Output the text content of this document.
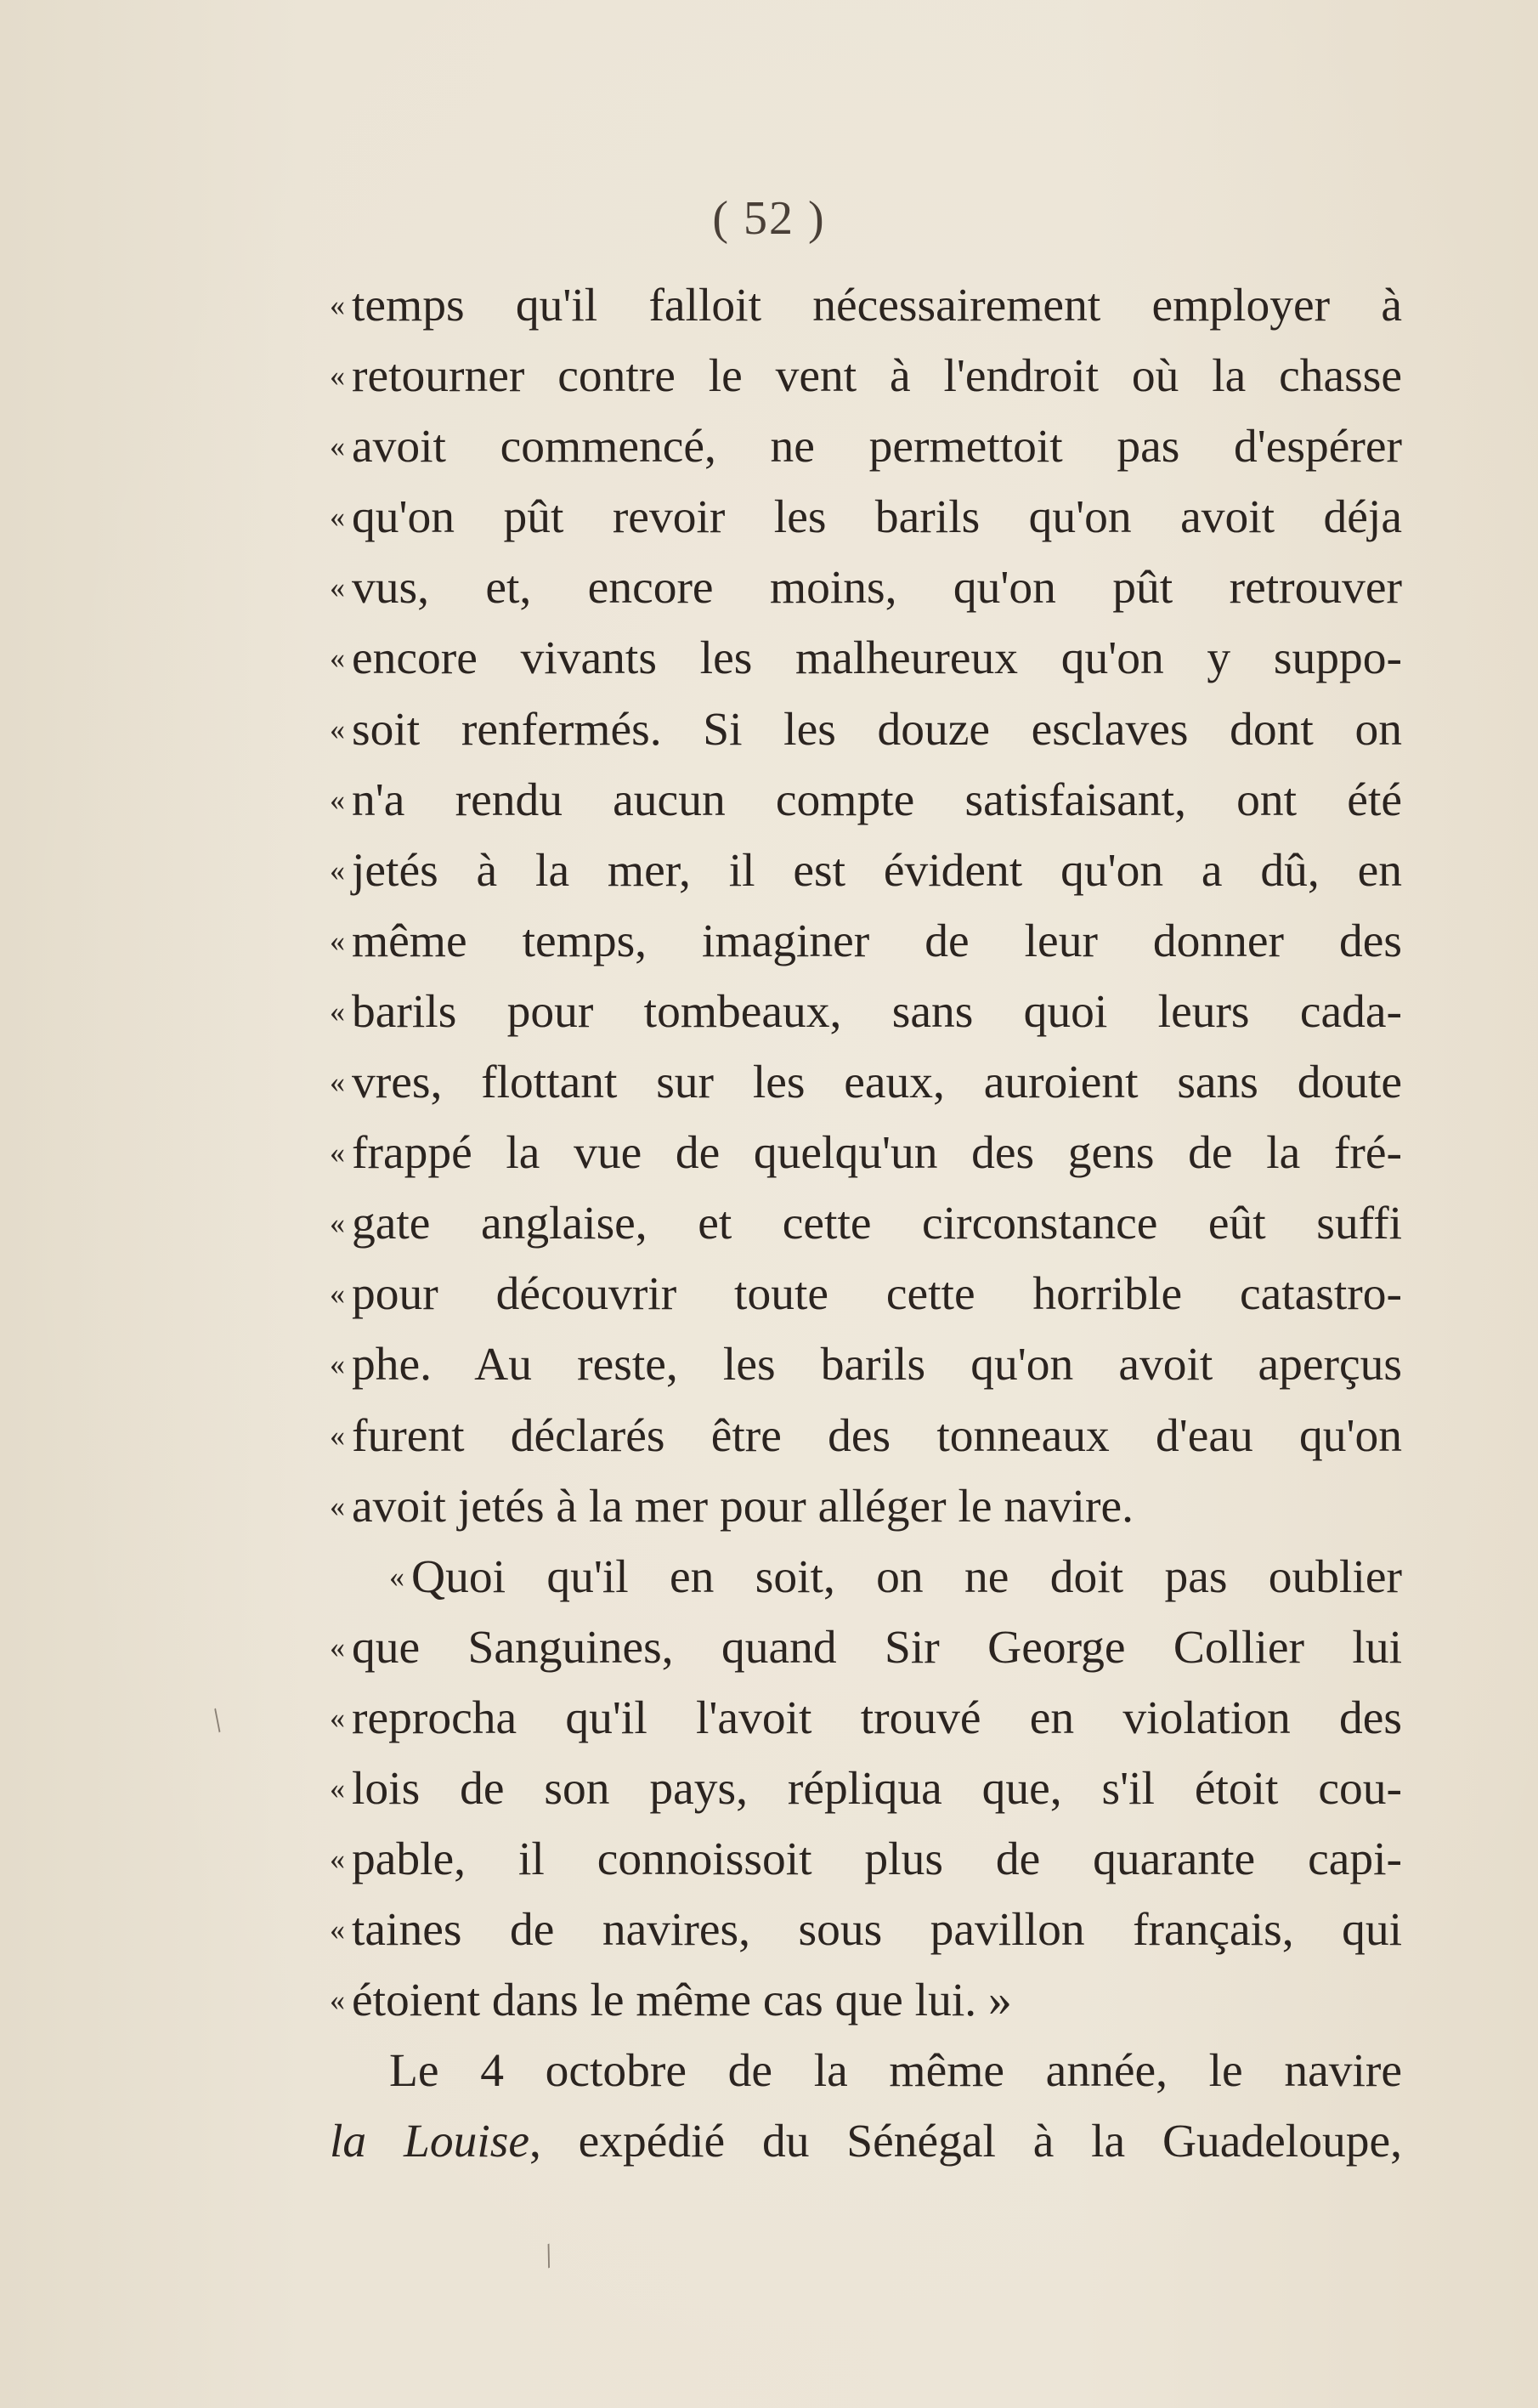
( 52 )
« temps qu'il falloit nécessairement employer à
« retourner contre le vent à l'endroit où la chasse
« avoit commencé, ne permettoit pas d'espérer
« qu'on pût revoir les barils qu'on avoit déja
« vus, et, encore moins, qu'on pût retrouver
« encore vivants les malheureux qu'on y suppo-
« soit renfermés. Si les douze esclaves dont on
« n'a rendu aucun compte satisfaisant, ont été
« jetés à la mer, il est évident qu'on a dû, en
« même temps, imaginer de leur donner des
« barils pour tombeaux, sans quoi leurs cada-
« vres, flottant sur les eaux, auroient sans doute
« frappé la vue de quelqu'un des gens de la fré-
« gate anglaise, et cette circonstance eût suffi
« pour découvrir toute cette horrible catastro-
« phe. Au reste, les barils qu'on avoit aperçus
« furent déclarés être des tonneaux d'eau qu'on
« avoit jetés à la mer pour alléger le navire.
« Quoi qu'il en soit, on ne doit pas oublier
« que Sanguines, quand Sir George Collier lui
« reprocha qu'il l'avoit trouvé en violation des
« lois de son pays, répliqua que, s'il étoit cou-
« pable, il connoissoit plus de quarante capi-
« taines de navires, sous pavillon français, qui
« étoient dans le même cas que lui. »
Le 4 octobre de la même année, le navire
la Louise, expédié du Sénégal à la Guadeloupe,
/
/
